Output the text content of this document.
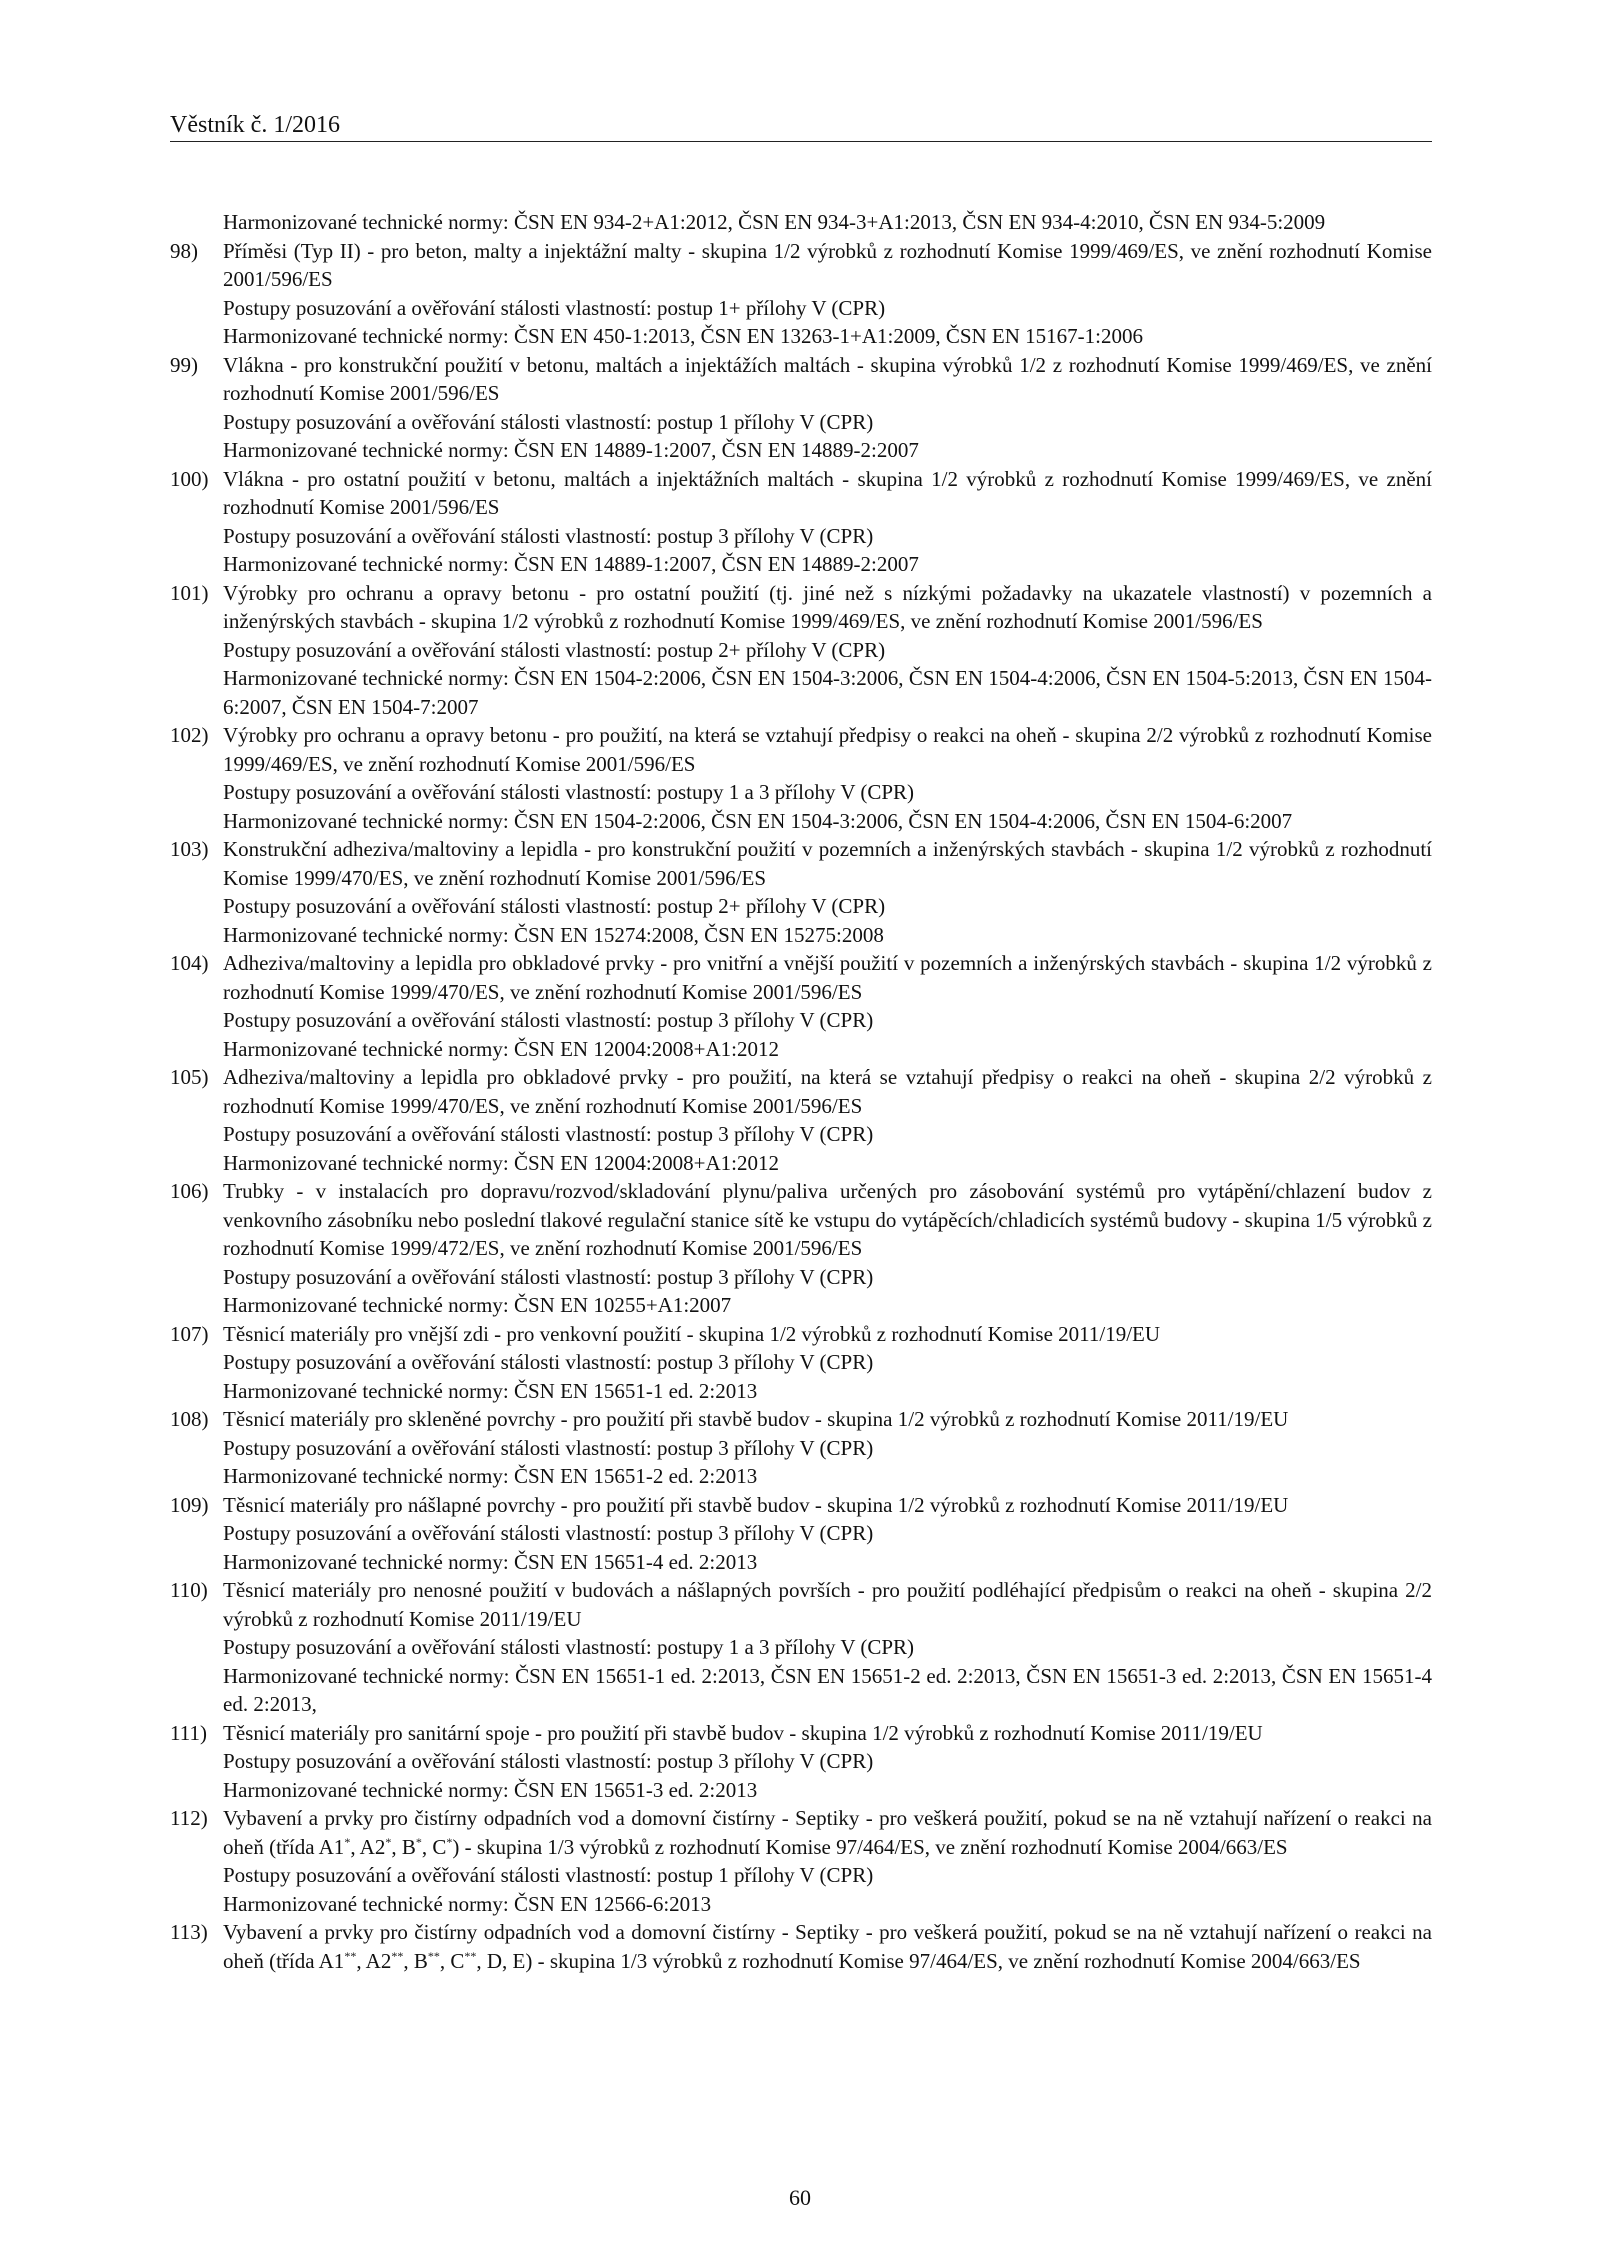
Věstník č. 1/2016
Harmonizované technické normy: ČSN EN 934-2+A1:2012, ČSN EN 934-3+A1:2013, ČSN EN 934-4:2010, ČSN EN 934-5:2009
98)	Příměsi (Typ II) - pro beton, malty a injektážní malty - skupina 1/2 výrobků z rozhodnutí Komise 1999/469/ES, ve znění rozhodnutí Komise 2001/596/ES
Postupy posuzování a ověřování stálosti vlastností: postup 1+ přílohy V (CPR)
Harmonizované technické normy: ČSN EN 450-1:2013, ČSN EN 13263-1+A1:2009, ČSN EN 15167-1:2006
99)	Vlákna - pro konstrukční použití v betonu, maltách a injektážích maltách - skupina výrobků 1/2 z rozhodnutí Komise 1999/469/ES, ve znění rozhodnutí Komise 2001/596/ES
Postupy posuzování a ověřování stálosti vlastností: postup 1 přílohy V (CPR)
Harmonizované technické normy: ČSN EN 14889-1:2007, ČSN EN 14889-2:2007
100) Vlákna - pro ostatní použití v betonu, maltách a injektážních maltách - skupina 1/2 výrobků z rozhodnutí Komise 1999/469/ES, ve znění rozhodnutí Komise 2001/596/ES
Postupy posuzování a ověřování stálosti vlastností: postup 3 přílohy V (CPR)
Harmonizované technické normy: ČSN EN 14889-1:2007, ČSN EN 14889-2:2007
101) Výrobky pro ochranu a opravy betonu - pro ostatní použití (tj. jiné než s nízkými požadavky na ukazatele vlastností) v pozemních a inženýrských stavbách - skupina 1/2 výrobků z rozhodnutí Komise 1999/469/ES, ve znění rozhodnutí Komise 2001/596/ES
Postupy posuzování a ověřování stálosti vlastností: postup 2+ přílohy V (CPR)
Harmonizované technické normy: ČSN EN 1504-2:2006, ČSN EN 1504-3:2006, ČSN EN 1504-4:2006, ČSN EN 1504-5:2013, ČSN EN 1504-6:2007, ČSN EN 1504-7:2007
102) Výrobky pro ochranu a opravy betonu - pro použití, na která se vztahují předpisy o reakci na oheň - skupina 2/2 výrobků z rozhodnutí Komise 1999/469/ES, ve znění rozhodnutí Komise 2001/596/ES
Postupy posuzování a ověřování stálosti vlastností: postupy 1 a 3 přílohy V (CPR)
Harmonizované technické normy: ČSN EN 1504-2:2006, ČSN EN 1504-3:2006, ČSN EN 1504-4:2006, ČSN EN 1504-6:2007
103) Konstrukční adheziva/maltoviny a lepidla - pro konstrukční použití v pozemních a inženýrských stavbách - skupina 1/2 výrobků z rozhodnutí Komise 1999/470/ES, ve znění rozhodnutí Komise 2001/596/ES
Postupy posuzování a ověřování stálosti vlastností: postup 2+ přílohy V (CPR)
Harmonizované technické normy: ČSN EN 15274:2008, ČSN EN 15275:2008
104) Adheziva/maltoviny a lepidla pro obkladové prvky - pro vnitřní a vnější použití v pozemních a inženýrských stavbách - skupina 1/2 výrobků z rozhodnutí Komise 1999/470/ES, ve znění rozhodnutí Komise 2001/596/ES
Postupy posuzování a ověřování stálosti vlastností: postup 3 přílohy V (CPR)
Harmonizované technické normy: ČSN EN 12004:2008+A1:2012
105) Adheziva/maltoviny a lepidla pro obkladové prvky - pro použití, na která se vztahují předpisy o reakci na oheň - skupina 2/2 výrobků z rozhodnutí Komise 1999/470/ES, ve znění rozhodnutí Komise 2001/596/ES
Postupy posuzování a ověřování stálosti vlastností: postup 3 přílohy V (CPR)
Harmonizované technické normy: ČSN EN 12004:2008+A1:2012
106) Trubky - v instalacích pro dopravu/rozvod/skladování plynu/paliva určených pro zásobování systémů pro vytápění/chlazení budov z venkovního zásobníku nebo poslední tlakové regulační stanice sítě ke vstupu do vytápěcích/chladicích systémů budovy - skupina 1/5 výrobků z rozhodnutí Komise 1999/472/ES, ve znění rozhodnutí Komise 2001/596/ES
Postupy posuzování a ověřování stálosti vlastností: postup 3 přílohy V (CPR)
Harmonizované technické normy: ČSN EN 10255+A1:2007
107) Těsnicí materiály pro vnější zdi - pro venkovní použití - skupina 1/2 výrobků z rozhodnutí Komise 2011/19/EU
Postupy posuzování a ověřování stálosti vlastností: postup 3 přílohy V (CPR)
Harmonizované technické normy: ČSN EN 15651-1 ed. 2:2013
108) Těsnicí materiály pro skleněné povrchy - pro použití při stavbě budov - skupina 1/2 výrobků z rozhodnutí Komise 2011/19/EU
Postupy posuzování a ověřování stálosti vlastností: postup 3 přílohy V (CPR)
Harmonizované technické normy: ČSN EN 15651-2 ed. 2:2013
109) Těsnicí materiály pro nášlapné povrchy - pro použití při stavbě budov - skupina 1/2 výrobků z rozhodnutí Komise 2011/19/EU
Postupy posuzování a ověřování stálosti vlastností: postup 3 přílohy V (CPR)
Harmonizované technické normy: ČSN EN 15651-4 ed. 2:2013
110) Těsnicí materiály pro nenosné použití v budovách a nášlapných površích - pro použití podléhající předpisům o reakci na oheň - skupina 2/2 výrobků z rozhodnutí Komise 2011/19/EU
Postupy posuzování a ověřování stálosti vlastností: postupy 1 a 3 přílohy V (CPR)
Harmonizované technické normy: ČSN EN 15651-1 ed. 2:2013, ČSN EN 15651-2 ed. 2:2013, ČSN EN 15651-3 ed. 2:2013, ČSN EN 15651-4 ed. 2:2013,
111) Těsnicí materiály pro sanitární spoje - pro použití při stavbě budov - skupina 1/2 výrobků z rozhodnutí Komise 2011/19/EU
Postupy posuzování a ověřování stálosti vlastností: postup 3 přílohy V (CPR)
Harmonizované technické normy: ČSN EN 15651-3 ed. 2:2013
112) Vybavení a prvky pro čistírny odpadních vod a domovní čistírny - Septiky - pro veškerá použití, pokud se na ně vztahují nařízení o reakci na oheň (třída A1*, A2*, B*, C*) - skupina 1/3 výrobků z rozhodnutí Komise 97/464/ES, ve znění rozhodnutí Komise 2004/663/ES
Postupy posuzování a ověřování stálosti vlastností: postup 1 přílohy V (CPR)
Harmonizované technické normy: ČSN EN 12566-6:2013
113) Vybavení a prvky pro čistírny odpadních vod a domovní čistírny - Septiky - pro veškerá použití, pokud se na ně vztahují nařízení o reakci na oheň (třída A1**, A2**, B**, C**, D, E) - skupina 1/3 výrobků z rozhodnutí Komise 97/464/ES, ve znění rozhodnutí Komise 2004/663/ES
60
